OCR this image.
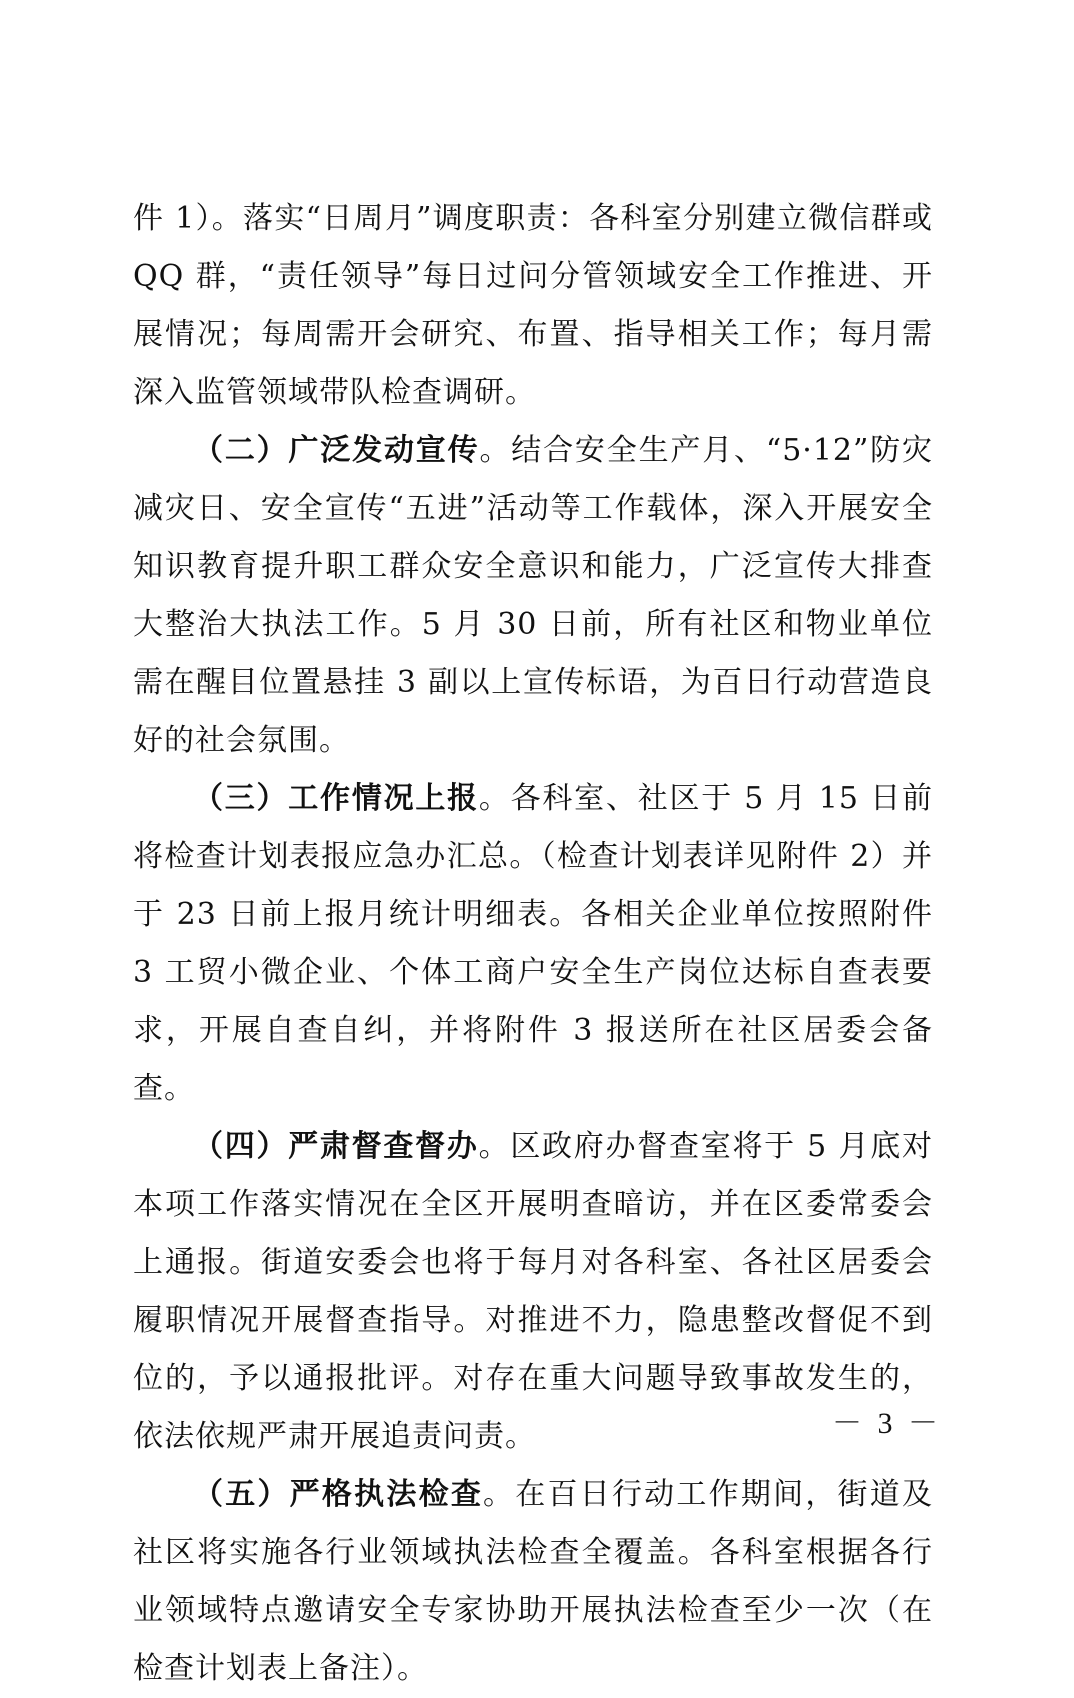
件 1）。落实“日周月”调度职责：各科室分别建立微信群或 QQ 群，“责任领导”每日过问分管领域安全工作推进、开展情况；每周需开会研究、布置、指导相关工作；每月需深入监管领域带队检查调研。

（二）广泛发动宣传。结合安全生产月、“5·12”防灾减灾日、安全宣传“五进”活动等工作载体，深入开展安全知识教育提升职工群众安全意识和能力，广泛宣传大排查大整治大执法工作。5 月 30 日前，所有社区和物业单位需在醒目位置悬挂 3 副以上宣传标语，为百日行动营造良好的社会氛围。

（三）工作情况上报。各科室、社区于 5 月 15 日前将检查计划表报应急办汇总。（检查计划表详见附件 2）并于 23 日前上报月统计明细表。各相关企业单位按照附件 3 工贸小微企业、个体工商户安全生产岗位达标自查表要求，开展自查自纠，并将附件 3 报送所在社区居委会备查。

（四）严肃督查督办。区政府办督查室将于 5 月底对本项工作落实情况在全区开展明查暗访，并在区委常委会上通报。街道安委会也将于每月对各科室、各社区居委会履职情况开展督查指导。对推进不力，隐患整改督促不到位的，予以通报批评。对存在重大问题导致事故发生的，依法依规严肃开展追责问责。

（五）严格执法检查。在百日行动工作期间，街道及社区将实施各行业领域执法检查全覆盖。各科室根据各行业领域特点邀请安全专家协助开展执法检查至少一次（在检查计划表上备注）。

－ 3 －
